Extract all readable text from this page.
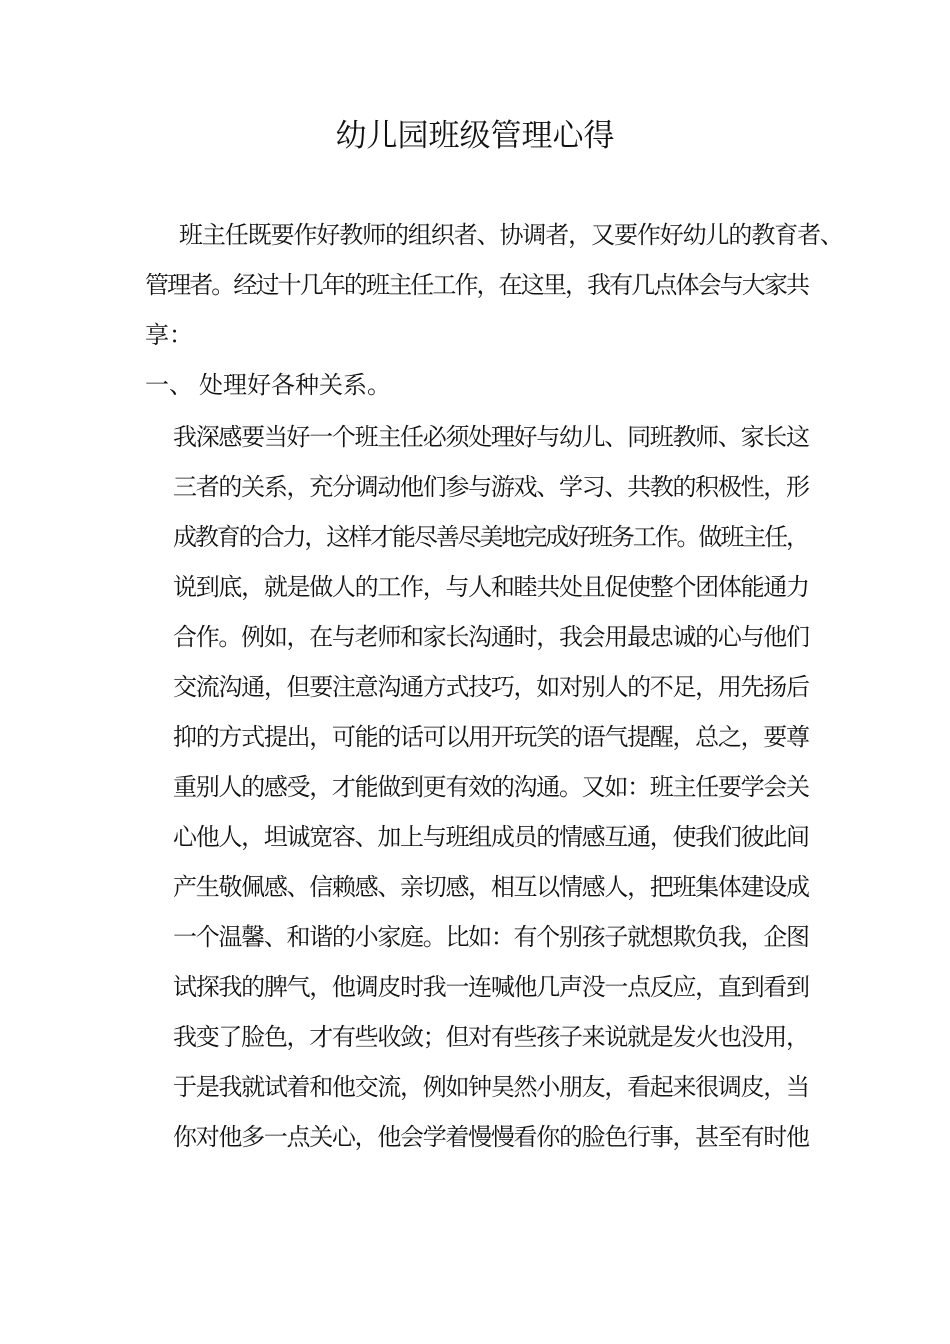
幼儿园班级管理心得

班主任既要作好教师的组织者、协调者，又要作好幼儿的教育者、

管理者。经过十几年的班主任工作，在这里，我有几点体会与大家共

享：

一、 处理好各种关系。

我深感要当好一个班主任必须处理好与幼儿、同班教师、家长这

三者的关系，充分调动他们参与游戏、学习、共教的积极性，形

成教育的合力，这样才能尽善尽美地完成好班务工作。做班主任，

说到底，就是做人的工作，与人和睦共处且促使整个团体能通力

合作。例如，在与老师和家长沟通时，我会用最忠诚的心与他们

交流沟通，但要注意沟通方式技巧，如对别人的不足，用先扬后

抑的方式提出，可能的话可以用开玩笑的语气提醒，总之，要尊

重别人的感受，才能做到更有效的沟通。又如：班主任要学会关

心他人，坦诚宽容、加上与班组成员的情感互通，使我们彼此间

产生敬佩感、信赖感、亲切感，相互以情感人，把班集体建设成

一个温馨、和谐的小家庭。比如：有个别孩子就想欺负我，企图

试探我的脾气，他调皮时我一连喊他几声没一点反应，直到看到

我变了脸色，才有些收敛；但对有些孩子来说就是发火也没用，

于是我就试着和他交流，例如钟昊然小朋友，看起来很调皮，当

你对他多一点关心，他会学着慢慢看你的脸色行事，甚至有时他
